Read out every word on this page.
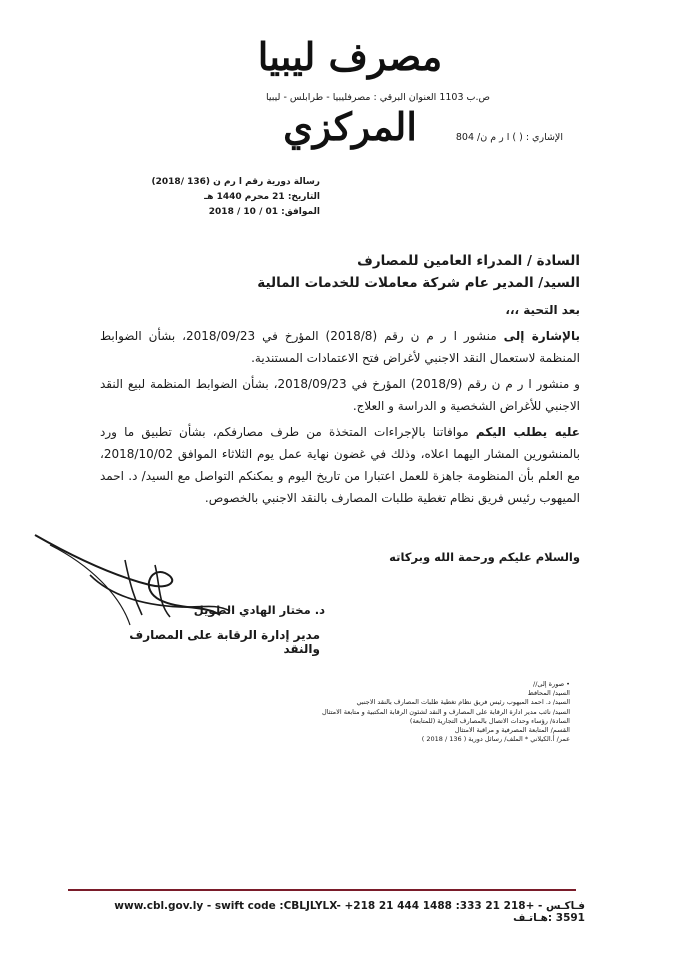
مصرف ليبيا المركزي
ص.ب 1103 العنوان البرقي : مصرفليبيا - طرابلس - ليبيا
الإشاري : ( ) ا ر م ن/ 804
رسالة دورية رقم ا رم ن (136 /2018)
التاريخ: 21 محرم 1440 هـ
الموافق: 01 / 10 / 2018
السادة / المدراء العامين للمصارف
السيد/ المدير عام شركة معاملات للخدمات المالية
بعد التحية ،،،

بالإشارة إلى منشور ا ر م ن رقم (2018/8) المؤرخ في 2018/09/23، بشأن الضوابط المنظمة لاستعمال النقد الاجنبي لأغراض فتح الاعتمادات المستندية.

و منشور ا ر م ن رقم (2018/9) المؤرخ في 2018/09/23، بشأن الضوابط المنظمة لبيع النقد الاجنبي للأغراض الشخصية و الدراسة و العلاج.

عليه يطلب اليكم موافاتنا بالإجراءات المتخذة من طرف مصارفكم، بشأن تطبيق ما ورد بالمنشورين المشار اليهما اعلاه، وذلك في غضون نهاية عمل يوم الثلاثاء الموافق 2018/10/02، مع العلم بأن المنظومة جاهزة للعمل اعتبارا من تاريخ اليوم و يمكنكم التواصل مع السيد/ د. احمد الميهوب رئيس فريق نظام تغطية طلبات المصارف بالنقد الاجنبي بالخصوص.

والسلام عليكم ورحمة الله وبركاته
د. مختار الهادي الطويل
مدير إدارة الرقابة على المصارف والنقد
• صورة إلى//
السيد/ المحافظ
السيد/ د. احمد الميهوب رئيس فريق نظام تغطية طلبات المصارف بالنقد الاجنبي
السيد/ نائب مدير ادارة الرقابة على المصارف و النقد لشئون الرقابة المكتبية و متابعة الامتثال
السادة/ رؤساء وحدات الاتصال بالمصارف التجارية (للمتابعة)
القسم/ المتابعة المصرفية و مراقبة الامتثال
عمر/ أ.الكيلاني * الملف/ رسائل دورية ( 136 / 2018 )
www.cbl.gov.ly - swift code :CBLJLYLX- +218 21 444 1488 :فـاكـس - +218 21 333 3591 :هـاتـف
